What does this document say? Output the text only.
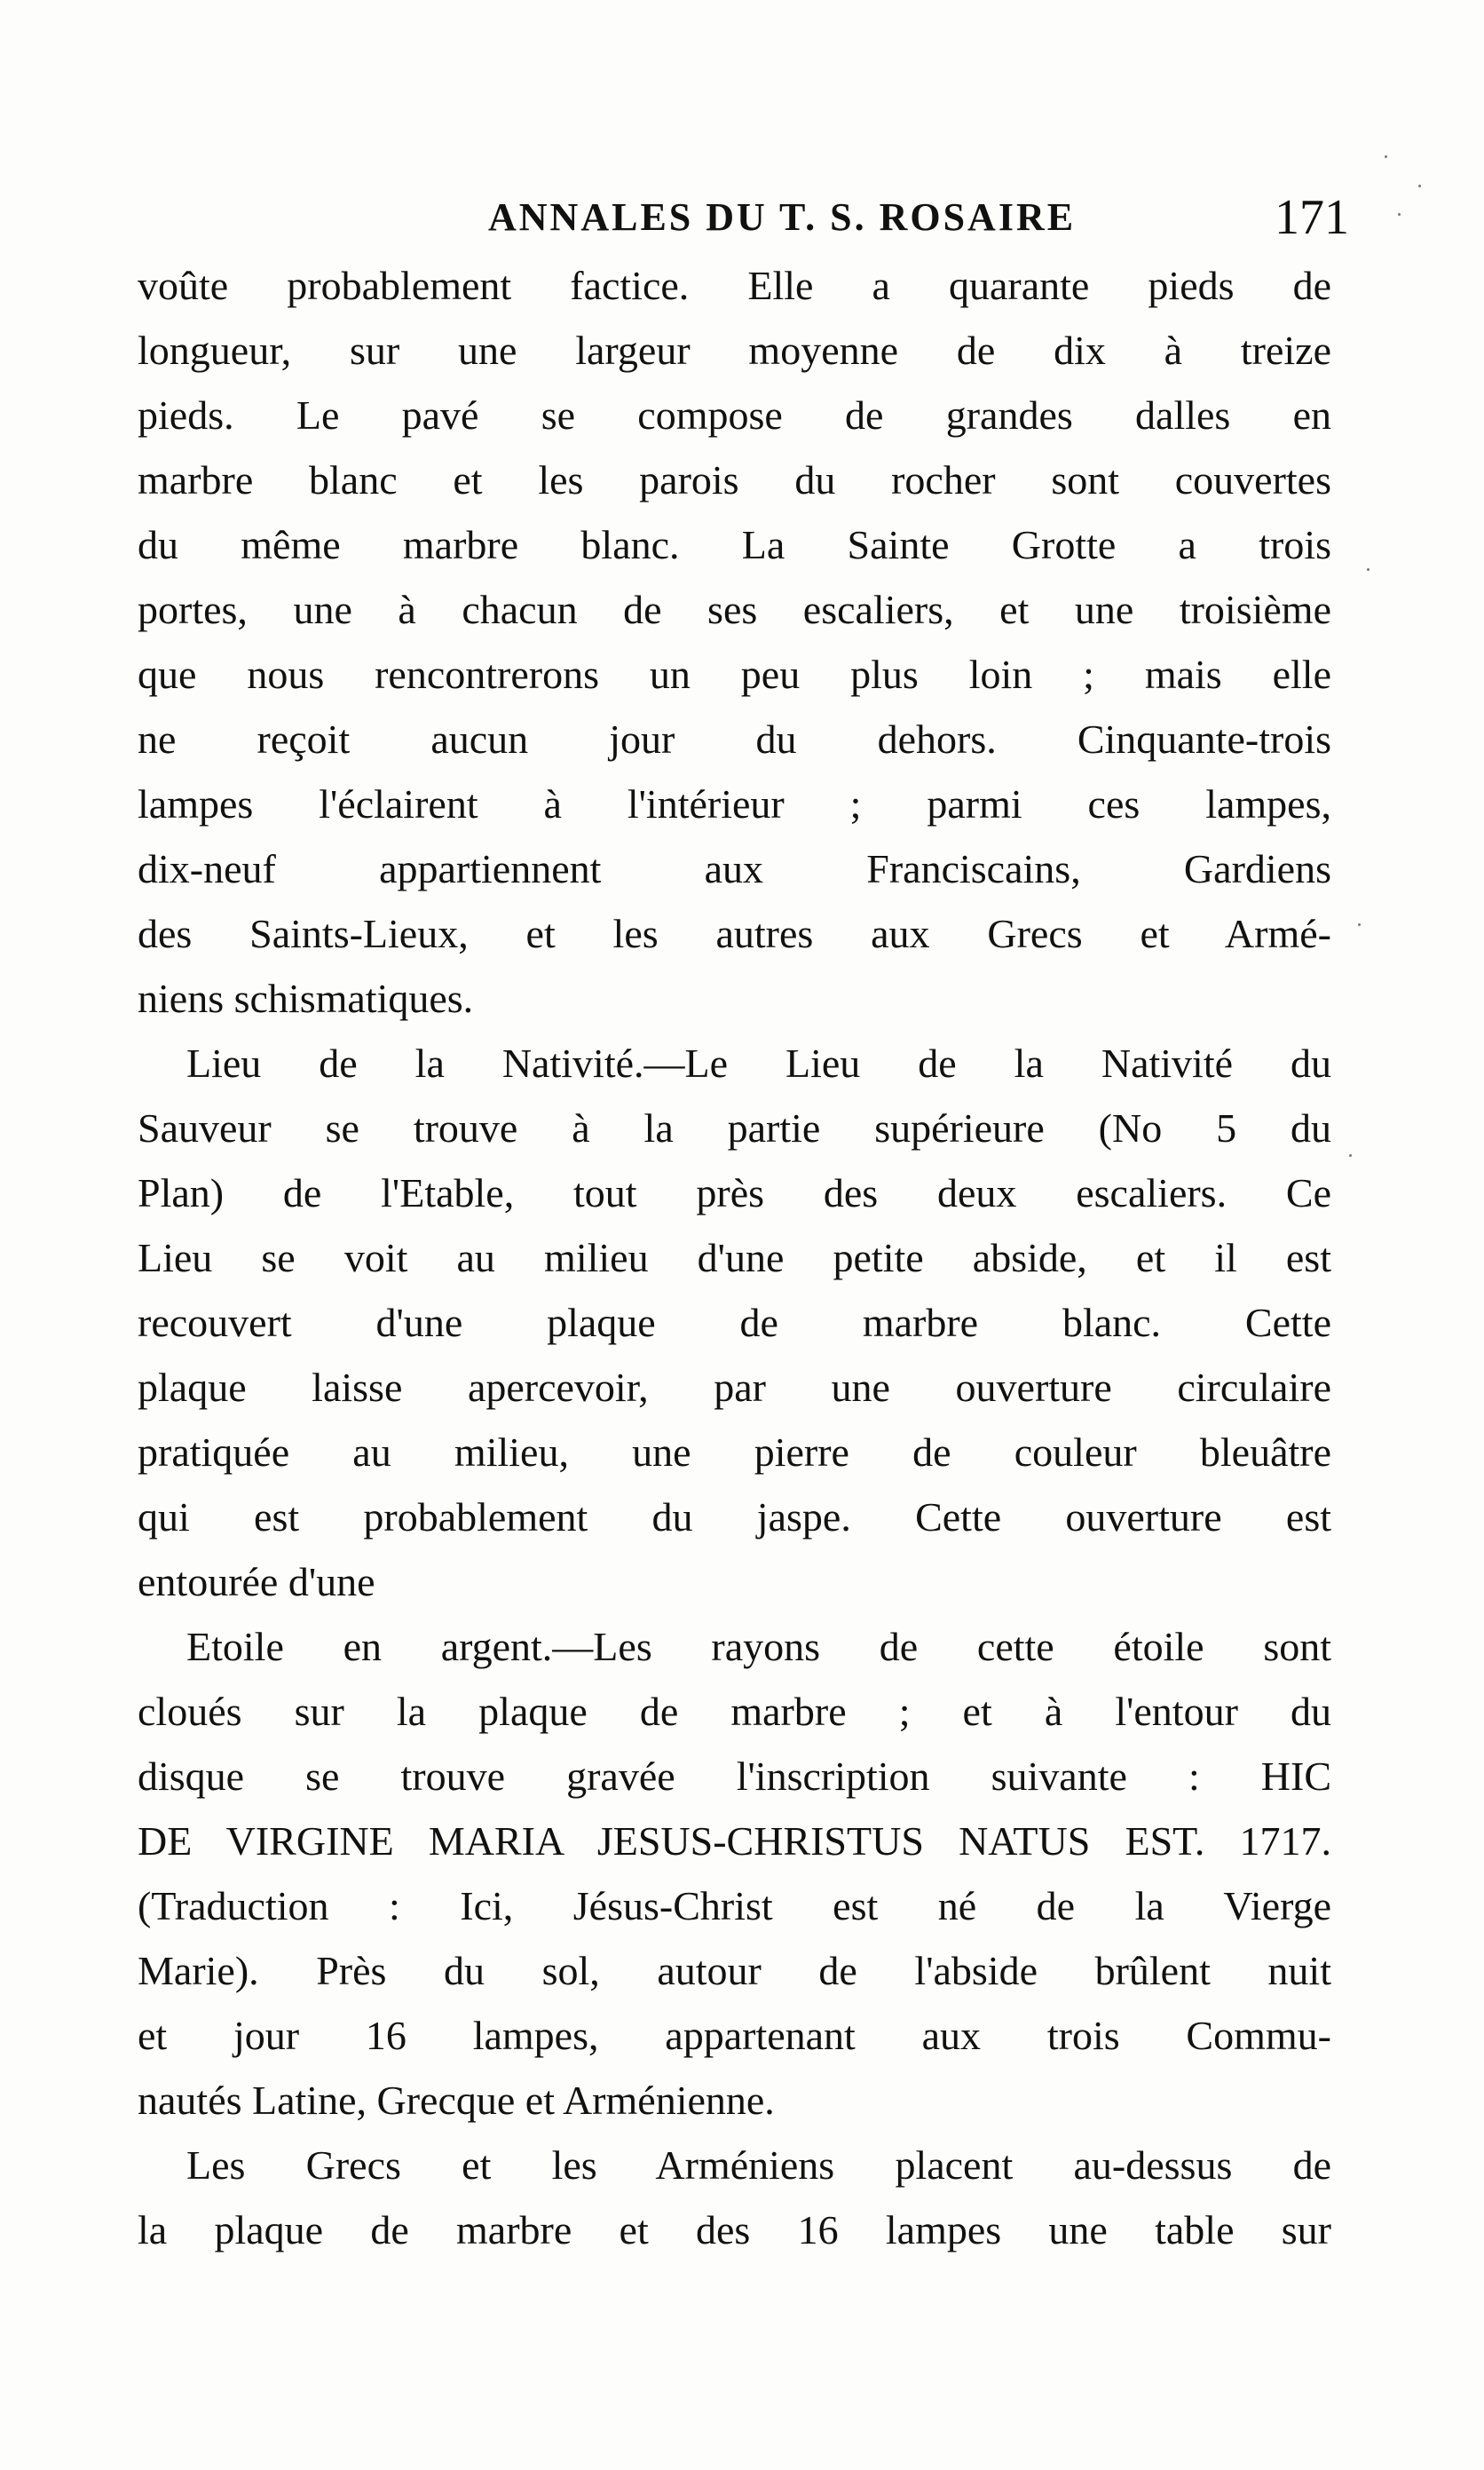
ANNALES DU T. S. ROSAIRE	171
voûte probablement factice. Elle a quarante pieds de
longueur, sur une largeur moyenne de dix à treize
pieds. Le pavé se compose de grandes dalles en
marbre blanc et les parois du rocher sont couvertes
du même marbre blanc. La Sainte Grotte a trois
portes, une à chacun de ses escaliers, et une troisième
que nous rencontrerons un peu plus loin ; mais elle
ne reçoit aucun jour du dehors. Cinquante-trois
lampes l'éclairent à l'intérieur ; parmi ces lampes,
dix-neuf appartiennent aux Franciscains, Gardiens
des Saints-Lieux, et les autres aux Grecs et Armé-
niens schismatiques.
Lieu de la Nativité.—Le Lieu de la Nativité du
Sauveur se trouve à la partie supérieure (No 5 du
Plan) de l'Etable, tout près des deux escaliers. Ce
Lieu se voit au milieu d'une petite abside, et il est
recouvert d'une plaque de marbre blanc. Cette
plaque laisse apercevoir, par une ouverture circulaire
pratiquée au milieu, une pierre de couleur bleuâtre
qui est probablement du jaspe. Cette ouverture est
entourée d'une
Etoile en argent.—Les rayons de cette étoile sont
cloués sur la plaque de marbre ; et à l'entour du
disque se trouve gravée l'inscription suivante : HIC
DE VIRGINE MARIA JESUS-CHRISTUS NATUS EST. 1717.
(Traduction : Ici, Jésus-Christ est né de la Vierge
Marie). Près du sol, autour de l'abside brûlent nuit
et jour 16 lampes, appartenant aux trois Commu-
nautés Latine, Grecque et Arménienne.
Les Grecs et les Arméniens placent au-dessus de
la plaque de marbre et des 16 lampes une table sur
